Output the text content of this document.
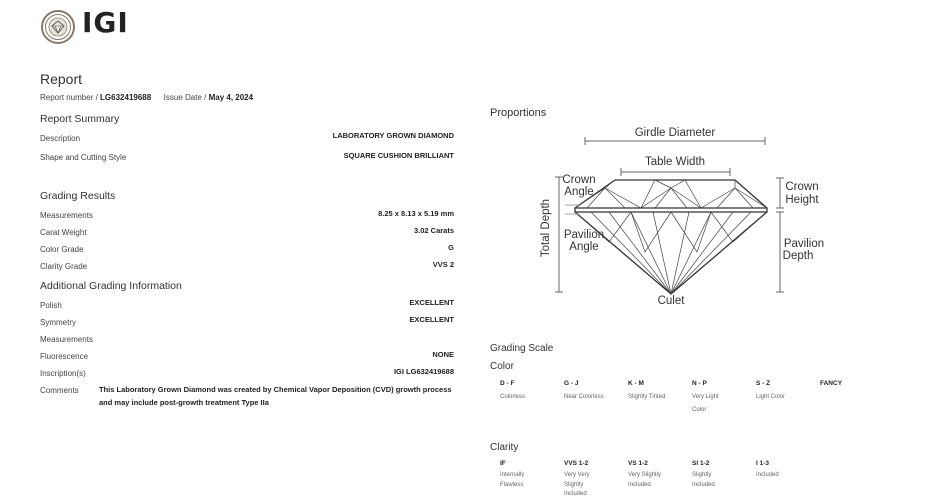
IGI
Report
Report number / LG632419688 Issue Date / May 4, 2024
Report Summary
Description	LABORATORY GROWN DIAMOND
Shape and Cutting Style	SQUARE CUSHION BRILLIANT
Grading Results
Measurements	8.25 x 8.13 x 5.19 mm
Carat Weight	3.02 Carats
Color Grade	G
Clarity Grade	VVS 2
Additional Grading Information
Polish	EXCELLENT
Symmetry	EXCELLENT
Measurements
Fluorescence	NONE
Inscription(s)	IGI LG632419688
Comments	This Laboratory Grown Diamond was created by Chemical Vapor Deposition (CVD) growth process and may include post-growth treatment Type IIa
Proportions
Girdle Diameter
Table Width
Crown
Angle	Crown
Height
Pavilion
Angle	Pavilion
Depth
Culet
Total Depth
Grading Scale
Color
D - F
Colorless
G - J
Near Colorless
K - M
Slightly Tinted
N - P
Very Light Color
S - Z
Light Color
FANCY
Clarity
IF
Internally Flawless
VVS 1-2
Very Very Slightly Included
VS 1-2
Very Slightly Included
SI 1-2
Slightly Included
I 1-3
Included
